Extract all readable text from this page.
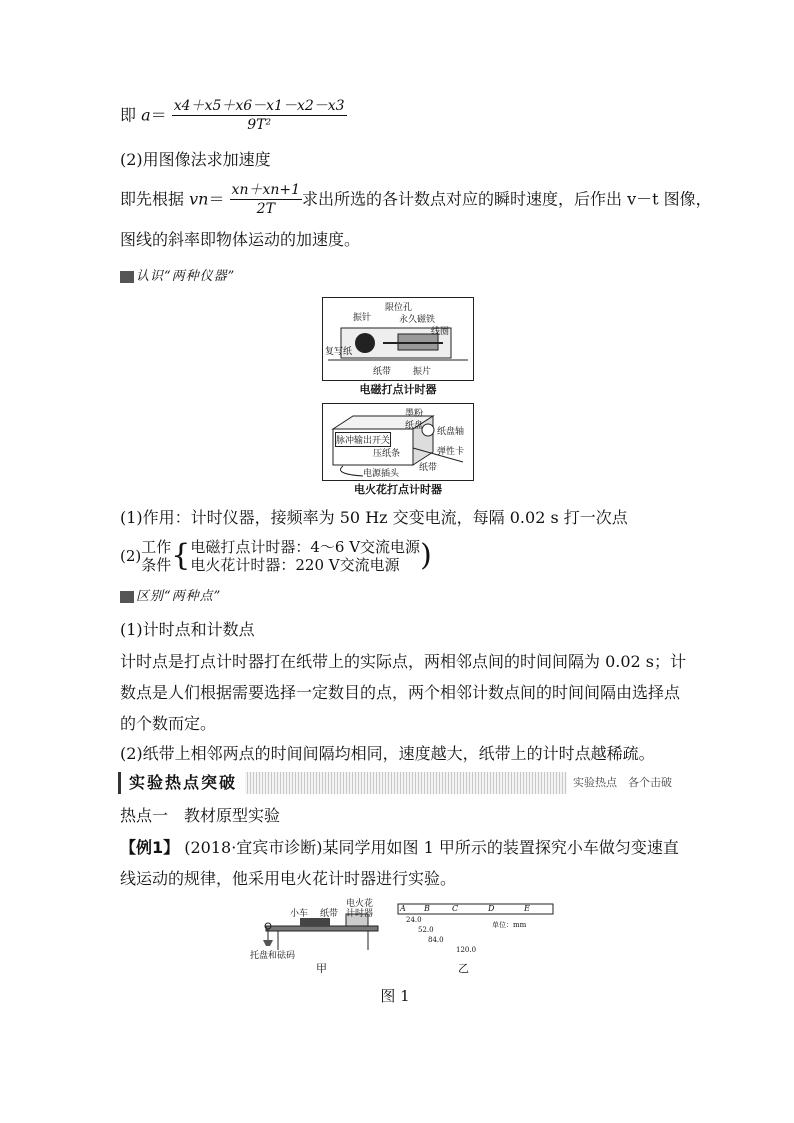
即 $a= \frac{x4+x5+x6-x1-x2-x3}{\text{9T²}}$
(2)用图像法求加速度
即先根据 $vn= \frac{xn+xn+1}{2T}$ 求出所选的各计数点对应的瞬时速度，后作出 v－t 图像，
图线的斜率即物体运动的加速度。
认识“两种仪器”
限位孔
振针	永久磁铁
线圈
复写纸
纸带 振片
电磁打点计时器
墨粉
纸盘
纸盘轴
脉冲输出开关
弹性卡
压纸条
纸带
电源插头
电火花打点计时器
(1)作用：计时仪器，接频率为 50 Hz 交变电流，每隔 0.02 s 打一次点
(2) 工作
条件 { 电磁打点计时器：4～6 V交流电源
电火花计时器：220 V交流电源 )
区别“两种点”
(1)计时点和计数点
计时点是打点计时器打在纸带上的实际点，两相邻点间的时间间隔为 0.02 s；计
数点是人们根据需要选择一定数目的点，两个相邻计数点间的时间间隔由选择点
的个数而定。
(2)纸带上相邻两点的时间间隔均相同，速度越大，纸带上的计时点越稀疏。
实验热点突破	实验热点　各个击破
热点一　教材原型实验
【例1】 (2018·宜宾市诊断)某同学用如图 1 甲所示的装置探究小车做匀变速直
线运动的规律，他采用电火花计时器进行实验。
小车 纸带
电火花
计时器
托盘和砝码
甲	乙
A B	C	D	E
单位：mm
24.0
52.0
84.0
120.0
图 1
